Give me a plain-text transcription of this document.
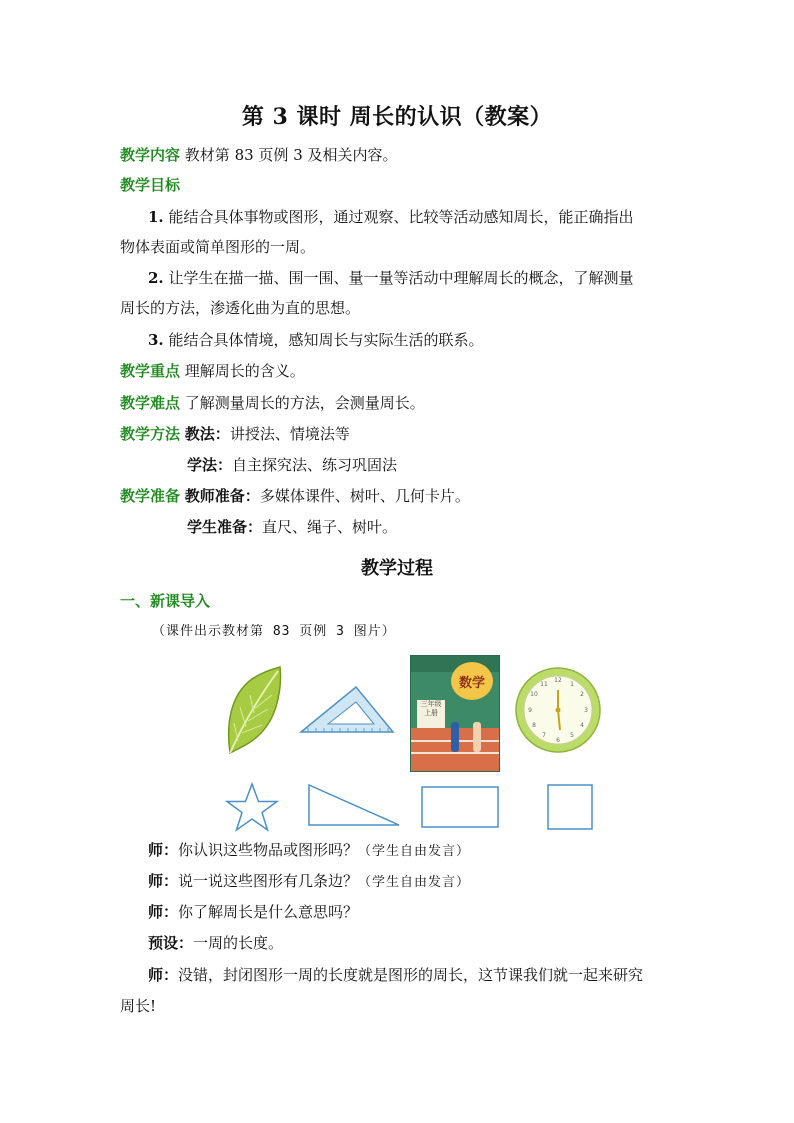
第 3 课时 周长的认识（教案）
教学内容 教材第 83 页例 3 及相关内容。
教学目标
1. 能结合具体事物或图形，通过观察、比较等活动感知周长，能正确指出
物体表面或简单图形的一周。
2. 让学生在描一描、围一围、量一量等活动中理解周长的概念，了解测量
周长的方法，渗透化曲为直的思想。
3. 能结合具体情境，感知周长与实际生活的联系。
教学重点 理解周长的含义。
教学难点 了解测量周长的方法，会测量周长。
教学方法 教法：讲授法、情境法等
学法：自主探究法、练习巩固法
教学准备 教师准备：多媒体课件、树叶、几何卡片。
学生准备：直尺、绳子、树叶。
教学过程
一、新课导入
（课件出示教材第 83 页例 3 图片）
数学
三年级
上册
12
1
2
3
4
5
6
7
8
9
10
11
师：你认识这些物品或图形吗？（学生自由发言）
师：说一说这些图形有几条边？（学生自由发言）
师：你了解周长是什么意思吗？
预设：一周的长度。
师：没错，封闭图形一周的长度就是图形的周长，这节课我们就一起来研究
周长!
